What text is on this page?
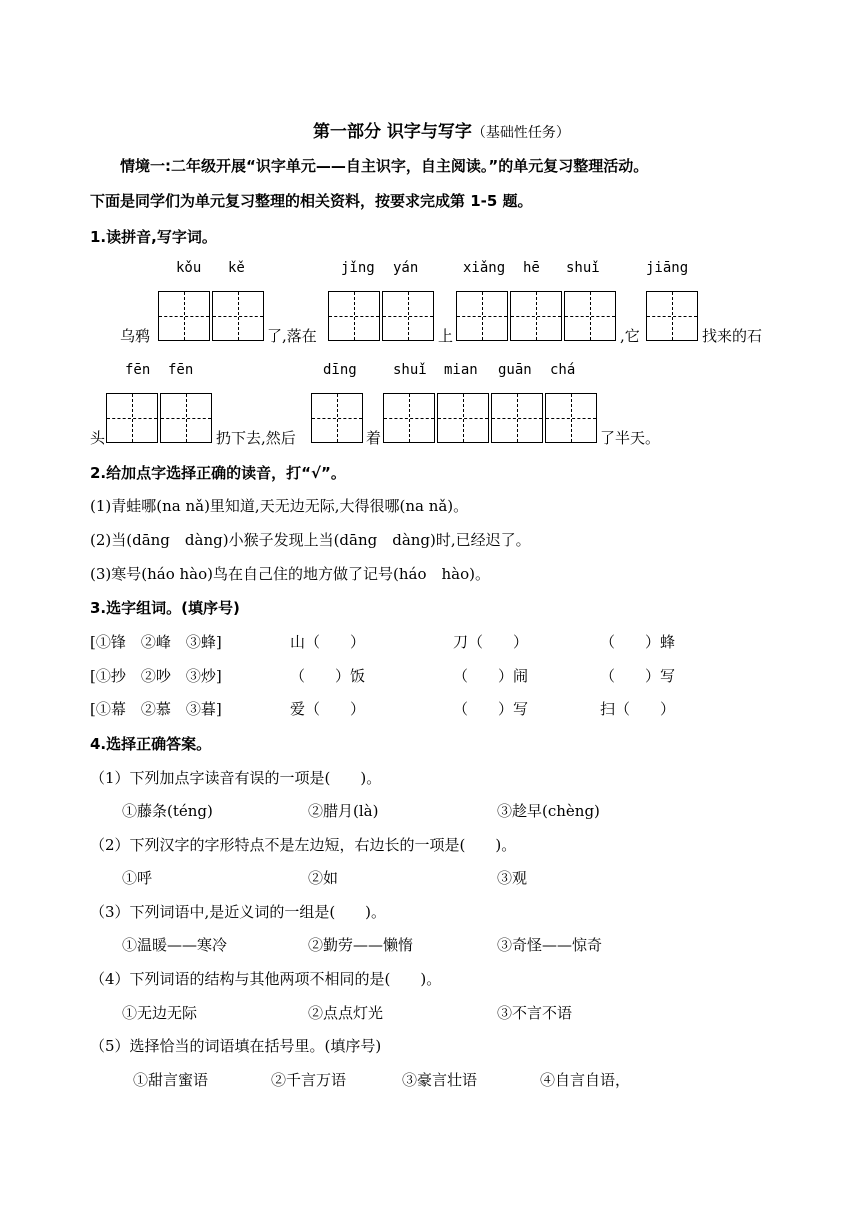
第一部分 识字与写字（基础性任务）
情境一:二年级开展“识字单元——自主识字，自主阅读。”的单元复习整理活动。
下面是同学们为单元复习整理的相关资料，按要求完成第 1-5 题。
1.读拼音,写字词。
kǒu kě	jǐng yán	xiǎng hē shuǐ	jiāng
乌鸦	了,落在	上	,它	找来的石
fēn fēn	dīng	shuǐ mian guān chá
头	扔下去,然后	着	了半天。
2.给加点字选择正确的读音，打“√”。
(1)青蛙哪(na nǎ)里知道,天无边无际,大得很哪(na nǎ)。
(2)当(dāng　dàng)小猴子发现上当(dāng　dàng)时,已经迟了。
(3)寒号(háo hào)鸟在自己住的地方做了记号(háo　hào)。
3.选字组词。(填序号)
[①锋　②峰　③蜂]	山（　　）	刀（　　）	（　　）蜂
[①抄　②吵　③炒]	（　　）饭	（　　）闹	（　　）写
[①幕　②慕　③暮]	爱（　　）	（　　）写	扫（　　）
4.选择正确答案。
（1）下列加点字读音有误的一项是(　　)。
①藤条(téng)	②腊月(là)	③趁早(chèng)
（2）下列汉字的字形特点不是左边短，右边长的一项是(　　)。
①呼	②如	③观
（3）下列词语中,是近义词的一组是(　　)。
①温暖——寒冷	②勤劳——懒惰	③奇怪——惊奇
（4）下列词语的结构与其他两项不相同的是(　　)。
①无边无际	②点点灯光	③不言不语
（5）选择恰当的词语填在括号里。(填序号)
①甜言蜜语	②千言万语	③豪言壮语	④自言自语，
